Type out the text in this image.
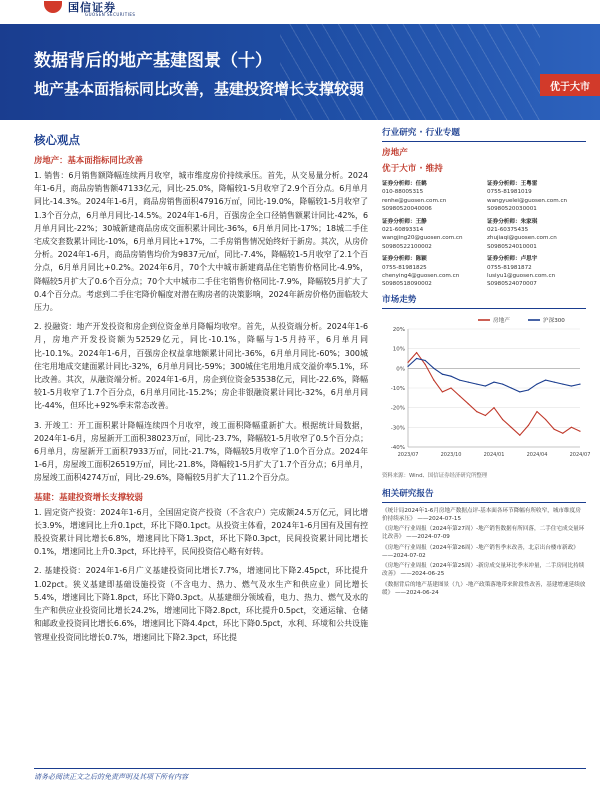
国信证券
GUOSEN SECURITIES
数据背后的地产基建图景（十）
地产基本面指标同比改善，基建投资增长支撑较弱	优于大市
核心观点
房地产：基本面指标同比改善

1. 销售：6月销售额降幅连续两月收窄，城市维度房价持续承压。首先，从交易量分析。2024年1-6月，商品房销售额47133亿元，同比-25.0%，降幅较1-5月收窄了2.9个百分点。6月单月同比-14.3%。2024年1-6月，商品房销售面积47916万㎡，同比-19.0%，降幅较1-5月收窄了1.3个百分点，6月单月同比-14.5%。2024年1-6月，百强房企全口径销售额累计同比-42%，6月单月同比-22%；30城新建商品房成交面积累计同比-36%，6月单月同比-17%；18城二手住宅成交套数累计同比-10%，6月单月同比+17%，二手房销售情况始终好于新房。其次，从房价分析。2024年1-6月，商品房销售均价为9837元/㎡，同比-7.4%，降幅较1-5月收窄了2.1个百分点，6月单月同比+0.2%。2024年6月，70个大中城市新建商品住宅销售价格同比-4.9%，降幅较5月扩大了0.6个百分点；70个大中城市二手住宅销售价格同比-7.9%，降幅较5月扩大了0.4个百分点。考虑到二手住宅降价幅度对潜在购房者的决策影响，2024年新房价格仍面临较大压力。

2. 投融资：地产开发投资和房企到位资金单月降幅均收窄。首先，从投资端分析。2024年1-6月，房地产开发投资额为52529亿元，同比-10.1%，降幅与1-5月持平，6月单月同比-10.1%。2024年1-6月，百强房企权益拿地额累计同比-36%，6月单月同比-60%；300城住宅用地成交建面累计同比-32%，6月单月同比-59%；300城住宅用地月成交溢价率5.1%，环比改善。其次，从融资端分析。2024年1-6月，房企到位资金53538亿元，同比-22.6%，降幅较1-5月收窄了1.7个百分点，6月单月同比-15.2%；房企非银融资累计同比-32%，6月单月同比-44%，但环比+92%季末常态改善。

3. 开竣工：开工面积累计降幅连续四个月收窄，竣工面积降幅重新扩大。根据统计局数据，2024年1-6月，房屋新开工面积38023万㎡，同比-23.7%，降幅较1-5月收窄了0.5个百分点；6月单月，房屋新开工面积7933万㎡，同比-21.7%，降幅较5月收窄了1.0个百分点。2024年1-6月，房屋竣工面积26519万㎡，同比-21.8%，降幅较1-5月扩大了1.7个百分点；6月单月，房屋竣工面积4274万㎡，同比-29.6%，降幅较5月扩大了11.2个百分点。

基建：基建投资增长支撑较弱

1. 固定资产投资：2024年1-6月，全国固定资产投资（不含农户）完成额24.5万亿元，同比增长3.9%，增速同比上升0.1pct，环比下降0.1pct。从投资主体看，2024年1-6月国有及国有控股投资累计同比增长6.8%，增速同比下降1.3pct，环比下降0.3pct，民间投资累计同比增长0.1%，增速同比上升0.3pct，环比持平，民间投资信心略有好转。

2. 基建投资：2024年1-6月广义基建投资同比增长7.7%，增速同比下降2.45pct，环比提升1.02pct。狭义基建即基础设施投资（不含电力、热力、燃气及水生产和供应业）同比增长5.4%，增速同比下降1.8pct，环比下降0.3pct。从基建细分领域看，电力、热力、燃气及水的生产和供应业投资同比增长24.2%，增速同比下降2.8pct，环比提升0.5pct，交通运输、仓储和邮政业投资同比增长6.6%，增速同比下降4.4pct，环比下降0.5pct，水利、环境和公共设施管理业投资同比增长0.7%，增速同比下降2.3pct，环比提

行业研究 · 行业专题
房地产
优于大市 · 维持
证券分析师：任鹤
010-88005315
renhe@guosen.com.cn
S0980520040006
证券分析师：王粤雷
0755-81981019
wangyuelei@guosen.com.cn
S0980520030001
证券分析师：王静
021-60893314
wangjing20@guosen.com.cn
S0980522100002
证券分析师：朱家琪
021-60375435
zhujiaqi@guosen.com.cn
S0980524010001
证券分析师：陈颖
0755-81981825
chenying4@guosen.com.cn
S0980518090002
证券分析师：卢思宇
0755-81981872
lusiyu1@guosen.com.cn
S0980524070007
市场走势
20%
10%
0%
-10%
-20%
-30%
-40%
2023/07	2023/10	2024/01	2024/04	2024/07
房地产	沪深300
资料来源：Wind、国信证券经济研究所整理
相关研究报告
《统计局2024年1-6月房地产数据点评-基本面各环节降幅有所收窄，城市维度房价持续承压》 ——2024-07-15
《房地产行业周报（2024年第27周）-地产销售数据有所回落，二手住宅成交量环比改善》 ——2024-07-09
《房地产行业周报（2024年第26周）-地产销售季末改善，北京出台楼市新政》 ——2024-07-02
《房地产行业周报（2024年第25周）-新房成交量环比季末冲量，二手房同比持续改善》 ——2024-06-25
《数据背后的地产基建图景（九）-地产政策落地带来阶段性改善，基建增速延续放缓》 ——2024-06-24
请务必阅读正文之后的免责声明及其项下所有内容
